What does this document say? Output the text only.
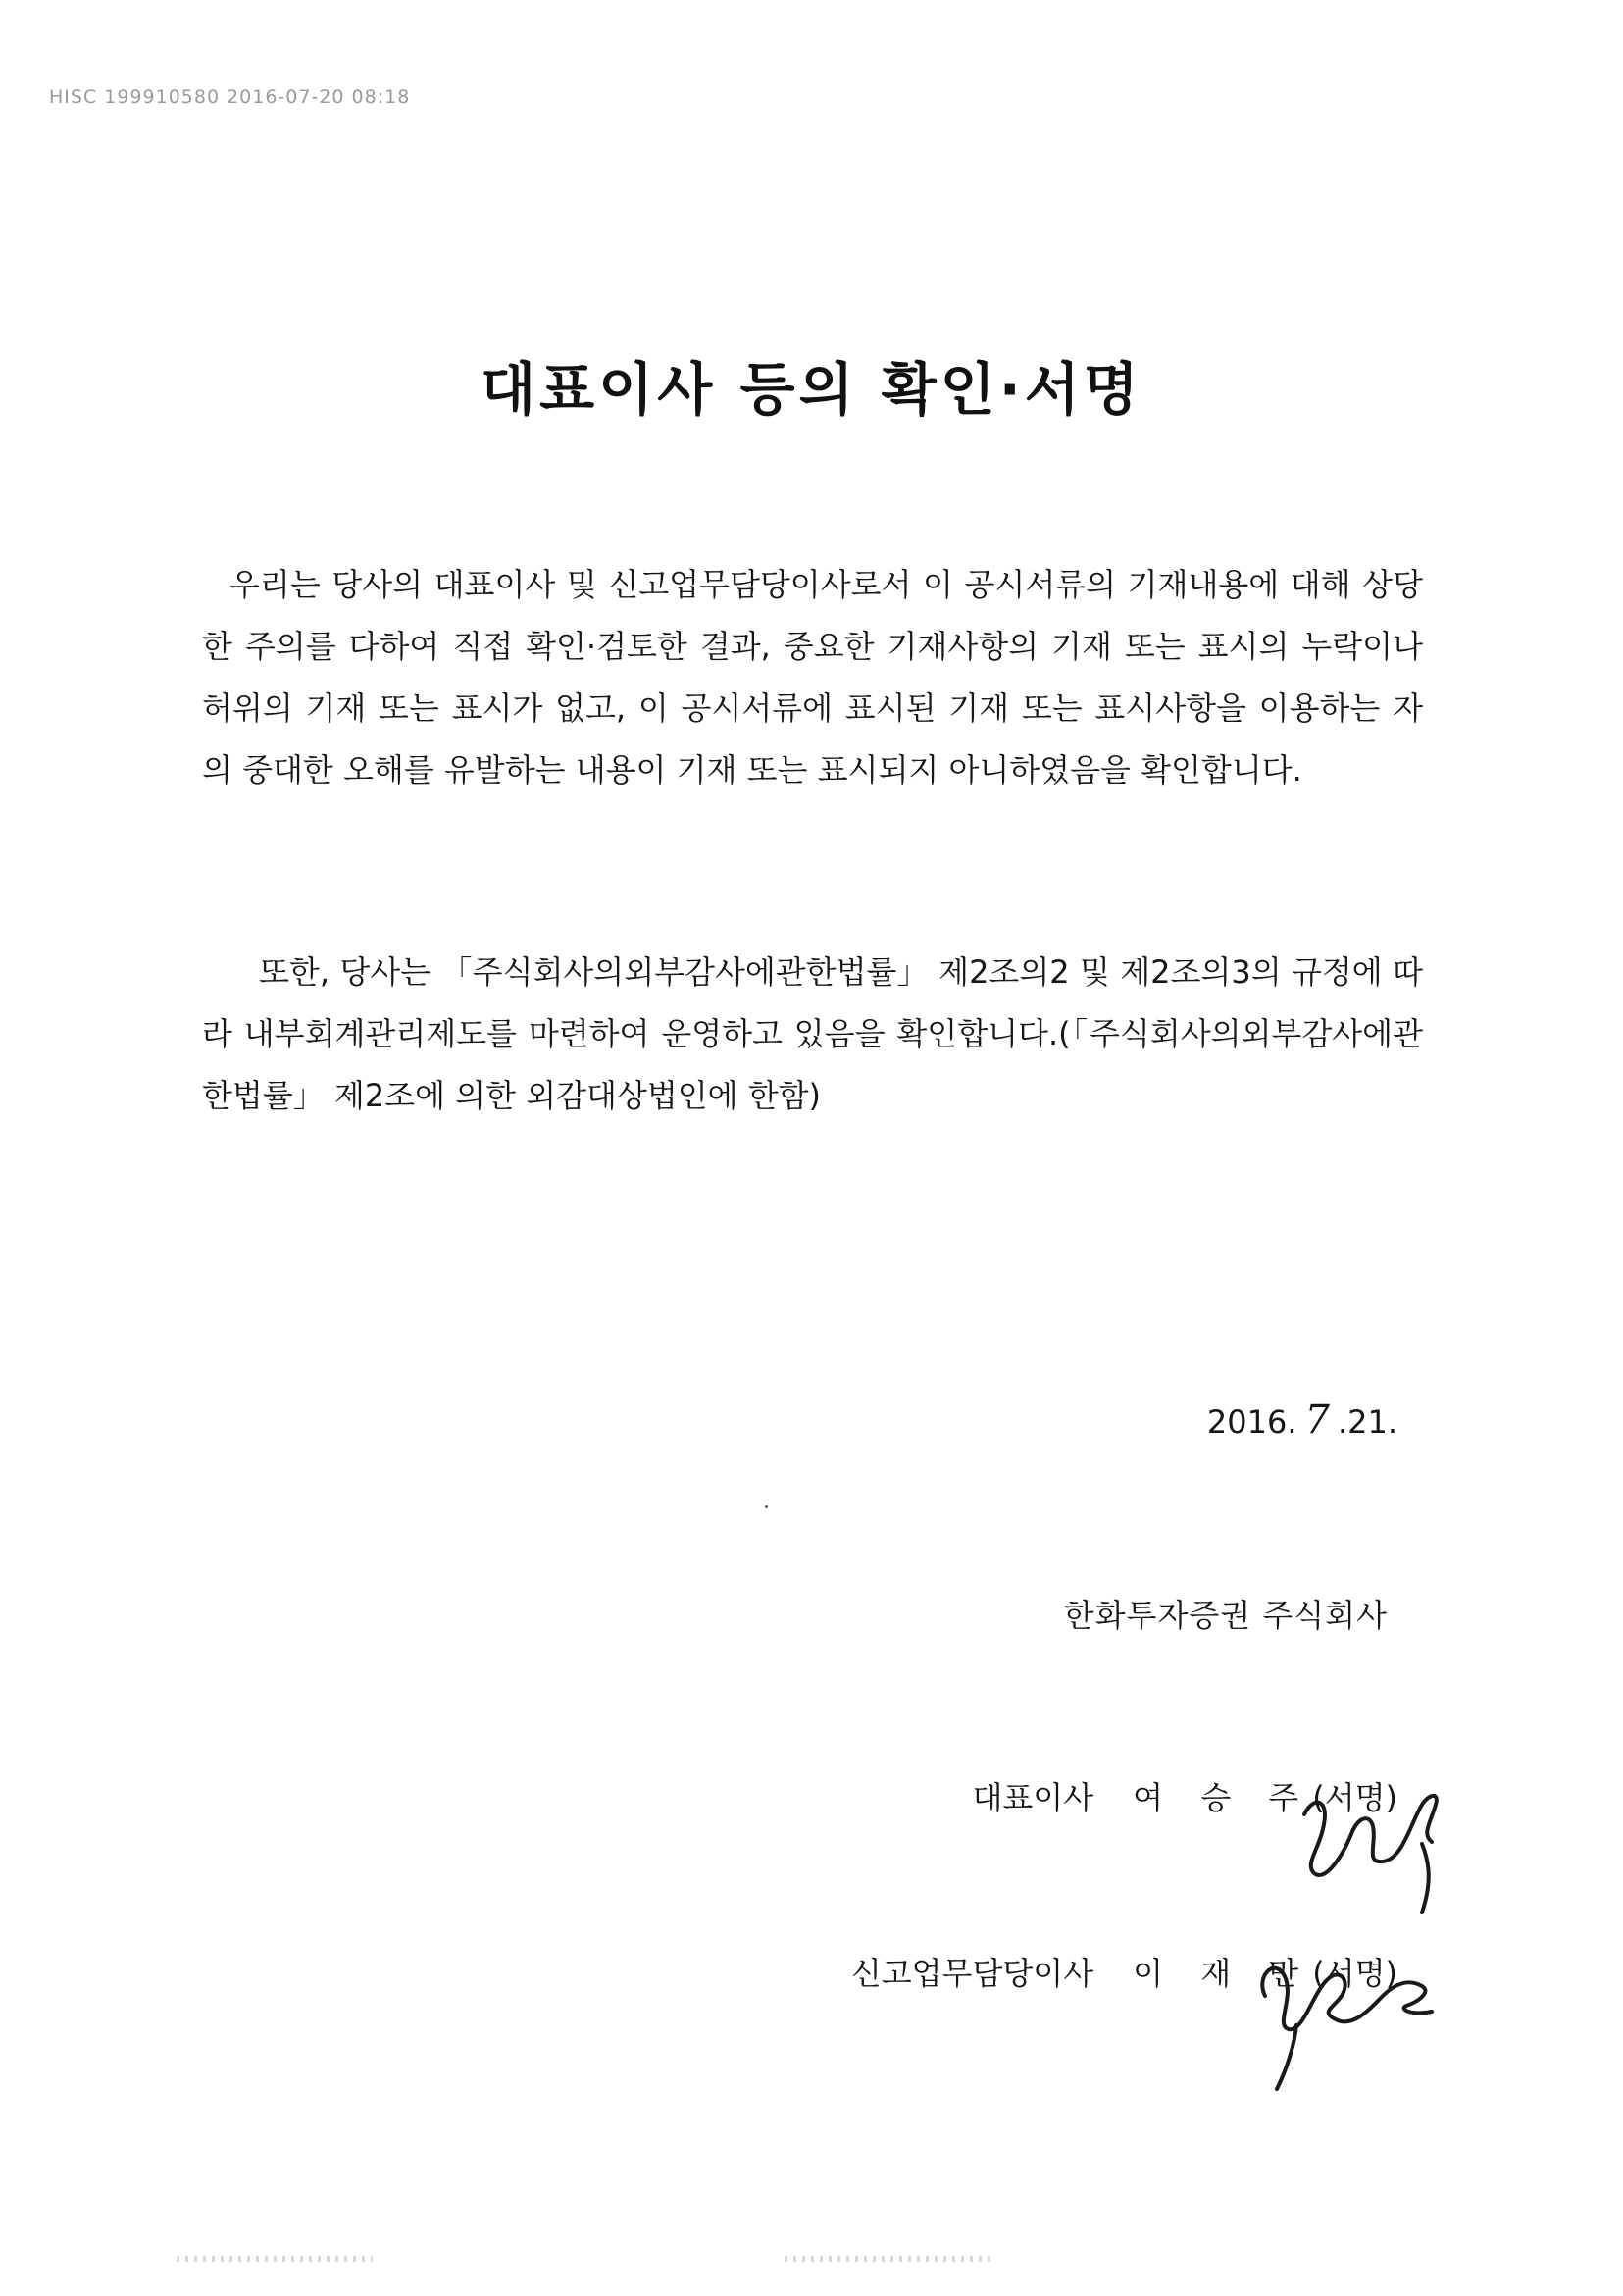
HISC 199910580 2016-07-20 08:18
대표이사 등의 확인·서명
우리는 당사의 대표이사 및 신고업무담당이사로서 이 공시서류의 기재내용에 대해 상당한 주의를 다하여 직접 확인·검토한 결과, 중요한 기재사항의 기재 또는 표시의 누락이나 허위의 기재 또는 표시가 없고, 이 공시서류에 표시된 기재 또는 표시사항을 이용하는 자의 중대한 오해를 유발하는 내용이 기재 또는 표시되지 아니하였음을 확인합니다.
또한, 당사는 「주식회사의외부감사에관한법률」 제2조의2 및 제2조의3의 규정에 따라 내부회계관리제도를 마련하여 운영하고 있음을 확인합니다.(「주식회사의외부감사에관한법률」 제2조에 의한 외감대상법인에 한함)
2016. 7 .21.
한화투자증권 주식회사
대표이사 여 승 주(서명)
신고업무담당이사 이 재 만(서명)
